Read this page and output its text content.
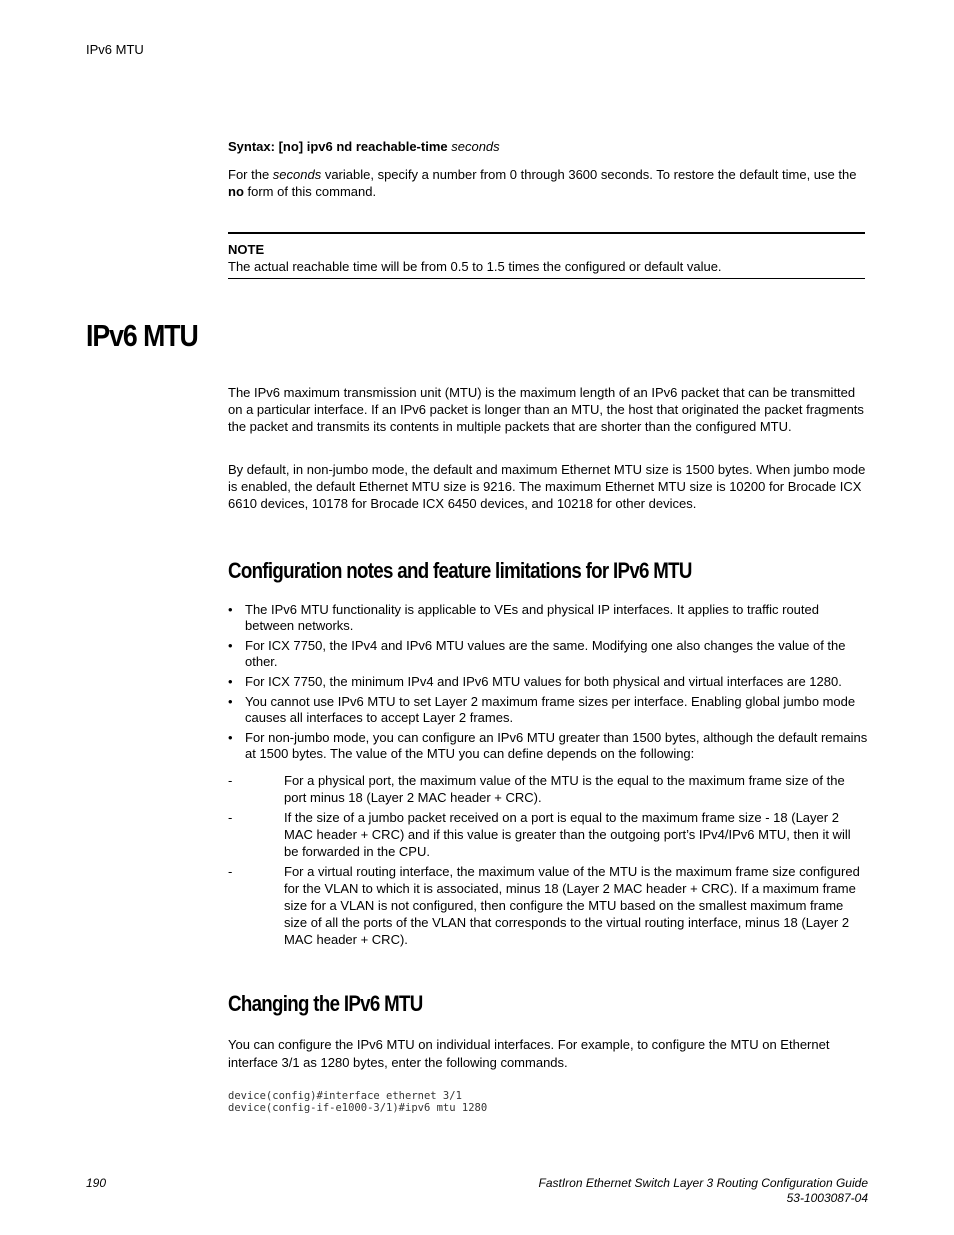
IPv6 MTU
Syntax: [no] ipv6 nd reachable-time seconds
For the seconds variable, specify a number from 0 through 3600 seconds. To restore the default time, use the no form of this command.
NOTE
The actual reachable time will be from 0.5 to 1.5 times the configured or default value.
IPv6 MTU
The IPv6 maximum transmission unit (MTU) is the maximum length of an IPv6 packet that can be transmitted on a particular interface. If an IPv6 packet is longer than an MTU, the host that originated the packet fragments the packet and transmits its contents in multiple packets that are shorter than the configured MTU.
By default, in non-jumbo mode, the default and maximum Ethernet MTU size is 1500 bytes. When jumbo mode is enabled, the default Ethernet MTU size is 9216. The maximum Ethernet MTU size is 10200 for Brocade ICX 6610 devices, 10178 for Brocade ICX 6450 devices, and 10218 for other devices.
Configuration notes and feature limitations for IPv6 MTU
• The IPv6 MTU functionality is applicable to VEs and physical IP interfaces. It applies to traffic routed between networks.
• For ICX 7750, the IPv4 and IPv6 MTU values are the same. Modifying one also changes the value of the other.
• For ICX 7750, the minimum IPv4 and IPv6 MTU values for both physical and virtual interfaces are 1280.
• You cannot use IPv6 MTU to set Layer 2 maximum frame sizes per interface. Enabling global jumbo mode causes all interfaces to accept Layer 2 frames.
• For non-jumbo mode, you can configure an IPv6 MTU greater than 1500 bytes, although the default remains at 1500 bytes. The value of the MTU you can define depends on the following:
-	For a physical port, the maximum value of the MTU is the equal to the maximum frame size of the port minus 18 (Layer 2 MAC header + CRC).
-	If the size of a jumbo packet received on a port is equal to the maximum frame size - 18 (Layer 2 MAC header + CRC) and if this value is greater than the outgoing port’s IPv4/IPv6 MTU, then it will be forwarded in the CPU.
-	For a virtual routing interface, the maximum value of the MTU is the maximum frame size configured for the VLAN to which it is associated, minus 18 (Layer 2 MAC header + CRC). If a maximum frame size for a VLAN is not configured, then configure the MTU based on the smallest maximum frame size of all the ports of the VLAN that corresponds to the virtual routing interface, minus 18 (Layer 2 MAC header + CRC).
Changing the IPv6 MTU
You can configure the IPv6 MTU on individual interfaces. For example, to configure the MTU on Ethernet interface 3/1 as 1280 bytes, enter the following commands.
device(config)#interface ethernet 3/1
device(config-if-e1000-3/1)#ipv6 mtu 1280
190	FastIron Ethernet Switch Layer 3 Routing Configuration Guide
53-1003087-04
